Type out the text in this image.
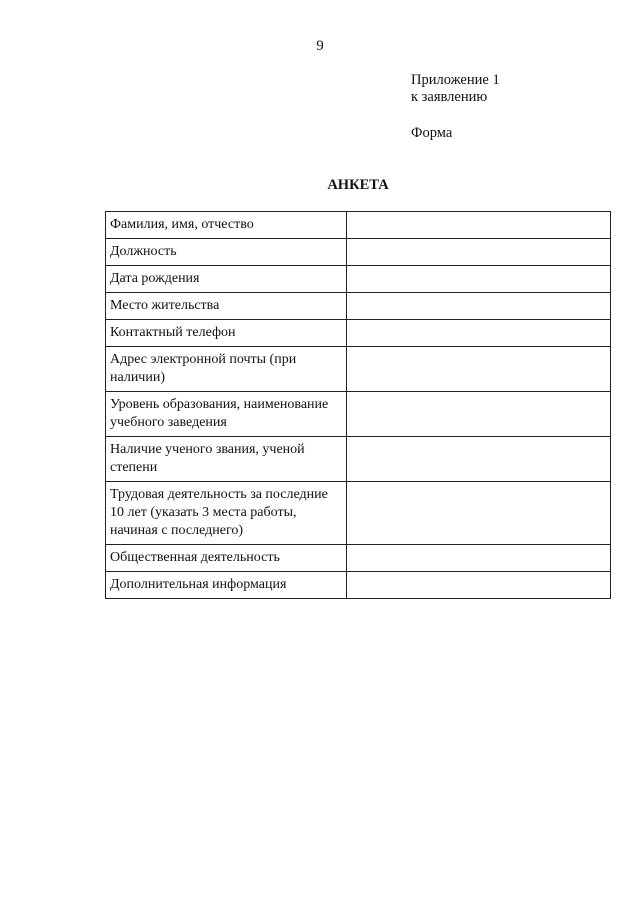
9
Приложение 1
к заявлению
Форма
АНКЕТА
Фамилия, имя, отчество	
Должность	
Дата рождения	
Место жительства	
Контактный телефон	
Адрес электронной почты (при наличии)	
Уровень образования, наименование учебного заведения	
Наличие ученого звания, ученой степени	
Трудовая деятельность за последние 10 лет (указать 3 места работы, начиная с последнего)	
Общественная деятельность	
Дополнительная информация	
